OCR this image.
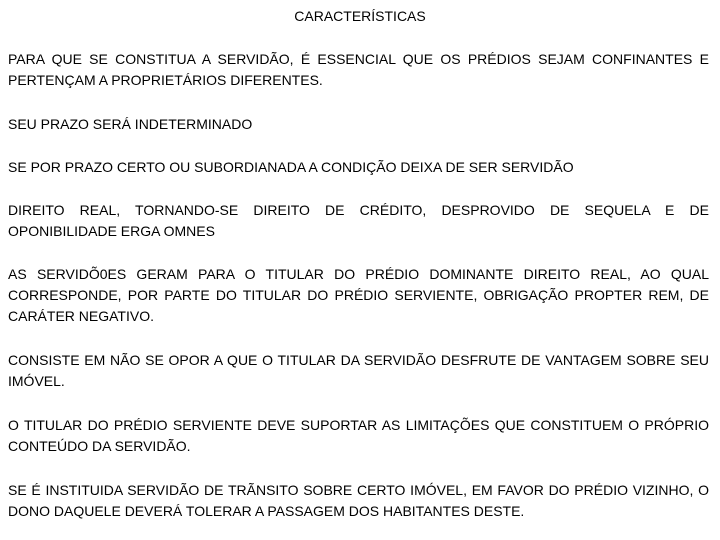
CARACTERÍSTICAS

PARA QUE SE CONSTITUA A SERVIDÃO, É ESSENCIAL QUE OS PRÉDIOS SEJAM CONFINANTES E PERTENÇAM A PROPRIETÁRIOS DIFERENTES.

SEU PRAZO SERÁ INDETERMINADO

SE POR PRAZO CERTO OU SUBORDIANADA A CONDIÇÃO DEIXA DE SER SERVIDÃO

DIREITO REAL, TORNANDO-SE DIREITO DE CRÉDITO, DESPROVIDO DE SEQUELA E DE OPONIBILIDADE ERGA OMNES

AS SERVIDÕ0ES GERAM PARA O TITULAR DO PRÉDIO DOMINANTE DIREITO REAL, AO QUAL CORRESPONDE, POR PARTE DO TITULAR DO PRÉDIO SERVIENTE, OBRIGAÇÃO PROPTER REM, DE CARÁTER NEGATIVO.

CONSISTE EM NÃO SE OPOR A QUE O TITULAR DA SERVIDÃO DESFRUTE DE VANTAGEM SOBRE SEU IMÓVEL.

O TITULAR DO PRÉDIO SERVIENTE DEVE SUPORTAR AS LIMITAÇÕES QUE CONSTITUEM O PRÓPRIO CONTEÚDO DA SERVIDÃO.

SE É INSTITUIDA SERVIDÃO DE TRÃNSITO SOBRE CERTO IMÓVEL, EM FAVOR DO PRÉDIO VIZINHO, O DONO DAQUELE DEVERÁ TOLERAR A PASSAGEM DOS HABITANTES DESTE.
